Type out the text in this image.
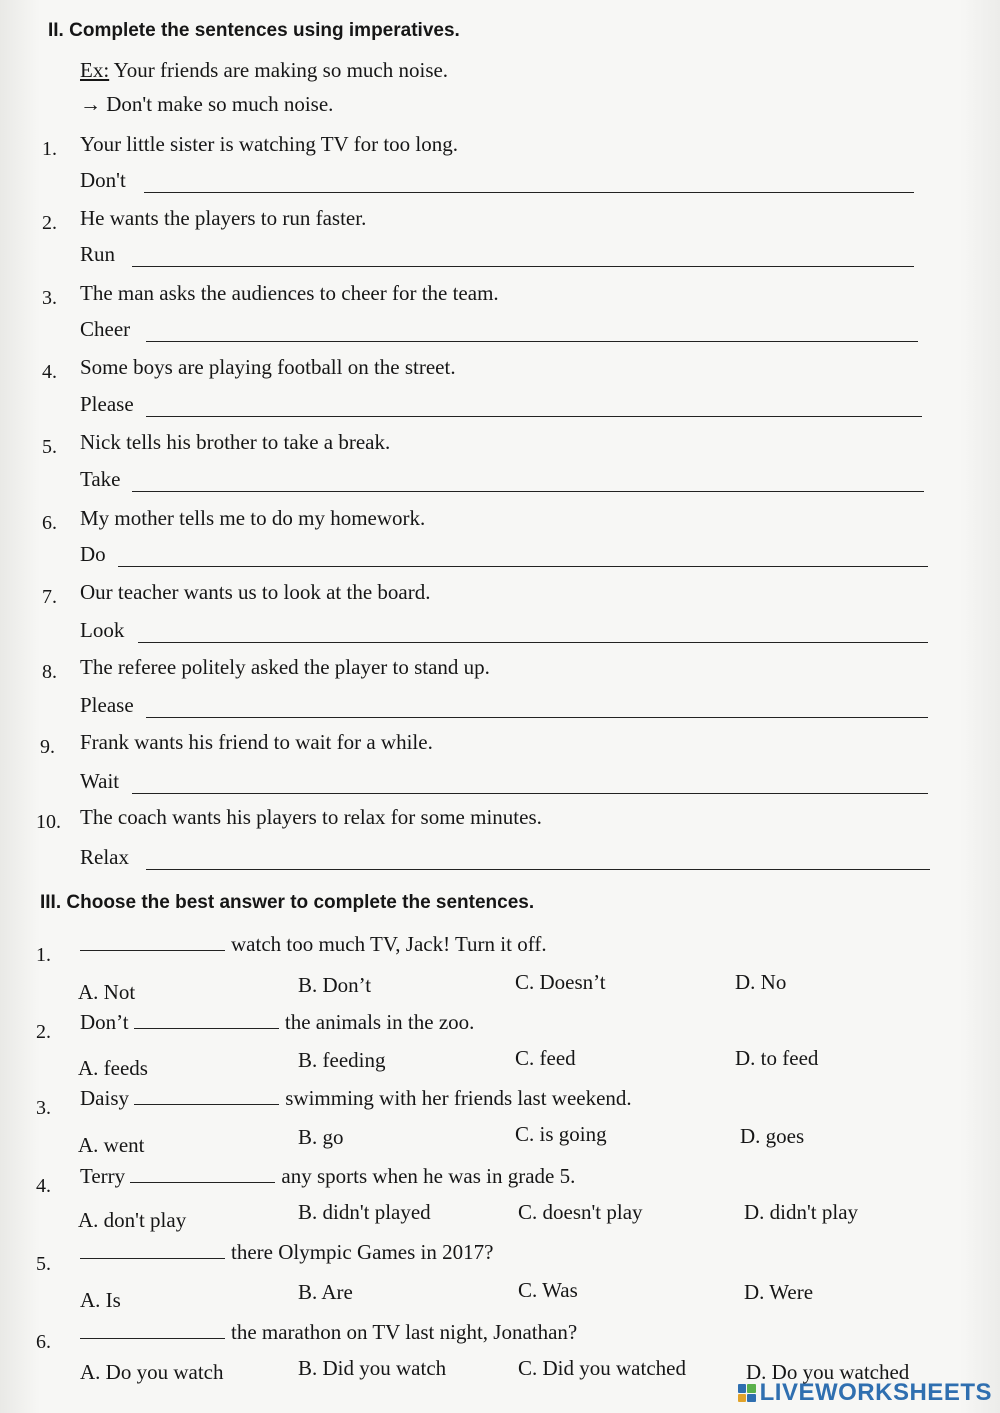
II. Complete the sentences using imperatives.
Ex: Your friends are making so much noise.
→ Don't make so much noise.
1. Your little sister is watching TV for too long.
Don't
2. He wants the players to run faster.
Run
3. The man asks the audiences to cheer for the team.
Cheer
4. Some boys are playing football on the street.
Please
5. Nick tells his brother to take a break.
Take
6. My mother tells me to do my homework.
Do
7. Our teacher wants us to look at the board.
Look
8. The referee politely asked the player to stand up.
Please
9. Frank wants his friend to wait for a while.
Wait
10. The coach wants his players to relax for some minutes.
Relax
III. Choose the best answer to complete the sentences.
1.	watch too much TV, Jack! Turn it off.
A. Not	B. Don’t	C. Doesn’t	D. No
2. Don’t	the animals in the zoo.
A. feeds	B. feeding	C. feed	D. to feed
3. Daisy	swimming with her friends last weekend.
A. went	B. go	C. is going	D. goes
4. Terry	any sports when he was in grade 5.
A. don't play	B. didn't played	C. doesn't play	D. didn't play
5.	there Olympic Games in 2017?
A. Is	B. Are	C. Was	D. Were
6.	the marathon on TV last night, Jonathan?
A. Do you watch	B. Did you watch	C. Did you watched	D. Do you watched
LIVEWORKSHEETS
